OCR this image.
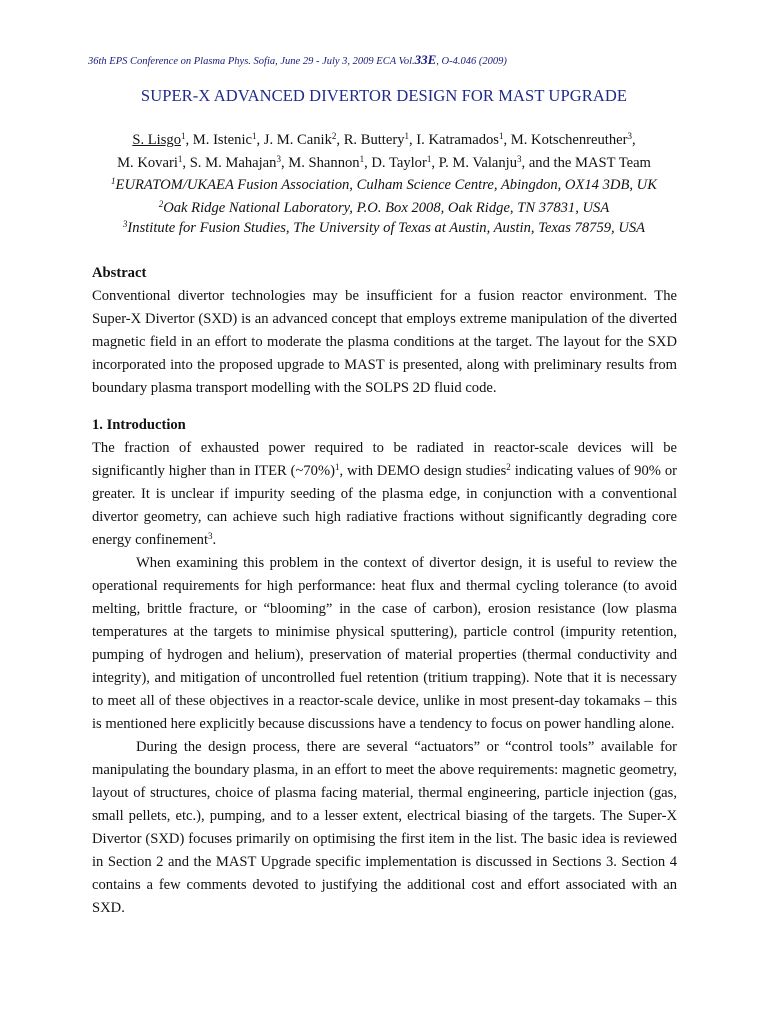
36th EPS Conference on Plasma Phys. Sofia, June 29 - July 3, 2009 ECA Vol.33E, O-4.046 (2009)
SUPER-X ADVANCED DIVERTOR DESIGN FOR MAST UPGRADE
S. Lisgo$^1$, M. Istenic$^1$, J. M. Canik$^2$, R. Buttery$^1$, I. Katramados$^1$, M. Kotschenreuther$^3$,
M. Kovari$^1$, S. M. Mahajan$^3$, M. Shannon$^1$, D. Taylor$^1$, P. M. Valanju$^3$, and the MAST Team
$^1$EURATOM/UKAEA Fusion Association, Culham Science Centre, Abingdon, OX14 3DB, UK
$^2$Oak Ridge National Laboratory, P.O. Box 2008, Oak Ridge, TN 37831, USA
$^3$Institute for Fusion Studies, The University of Texas at Austin, Austin, Texas 78759, USA

Abstract

Conventional divertor technologies may be insufficient for a fusion reactor environment. The Super-X Divertor (SXD) is an advanced concept that employs extreme manipulation of the diverted magnetic field in an effort to moderate the plasma conditions at the target. The layout for the SXD incorporated into the proposed upgrade to MAST is presented, along with preliminary results from boundary plasma transport modelling with the SOLPS 2D fluid code.

1. Introduction

The fraction of exhausted power required to be radiated in reactor-scale devices will be significantly higher than in ITER (~70%)$^1$, with DEMO design studies$^2$ indicating values of 90% or greater. It is unclear if impurity seeding of the plasma edge, in conjunction with a conventional divertor geometry, can achieve such high radiative fractions without significantly degrading core energy confinement$^3$.

When examining this problem in the context of divertor design, it is useful to review the operational requirements for high performance: heat flux and thermal cycling tolerance (to avoid melting, brittle fracture, or “blooming” in the case of carbon), erosion resistance (low plasma temperatures at the targets to minimise physical sputtering), particle control (impurity retention, pumping of hydrogen and helium), preservation of material properties (thermal conductivity and integrity), and mitigation of uncontrolled fuel retention (tritium trapping). Note that it is necessary to meet all of these objectives in a reactor-scale device, unlike in most present-day tokamaks – this is mentioned here explicitly because discussions have a tendency to focus on power handling alone.

During the design process, there are several “actuators” or “control tools” available for manipulating the boundary plasma, in an effort to meet the above requirements: magnetic geometry, layout of structures, choice of plasma facing material, thermal engineering, particle injection (gas, small pellets, etc.), pumping, and to a lesser extent, electrical biasing of the targets. The Super-X Divertor (SXD) focuses primarily on optimising the first item in the list. The basic idea is reviewed in Section 2 and the MAST Upgrade specific implementation is discussed in Sections 3. Section 4 contains a few comments devoted to justifying the additional cost and effort associated with an SXD.
